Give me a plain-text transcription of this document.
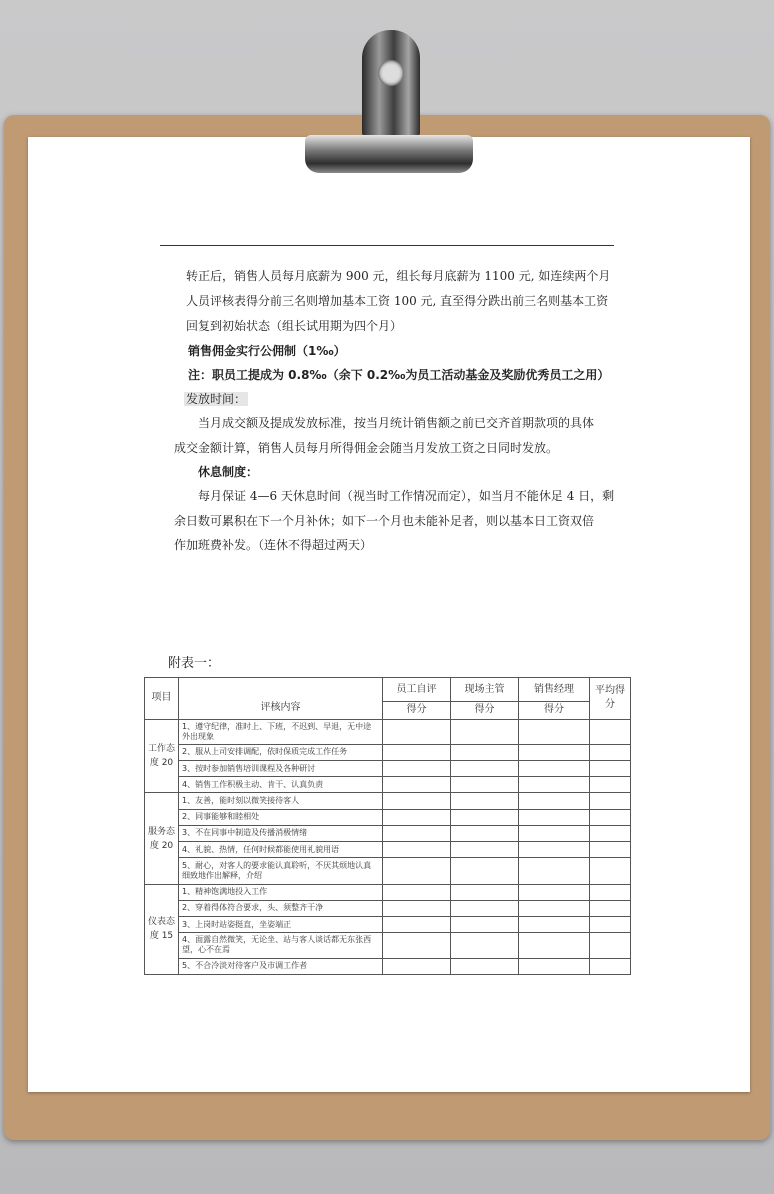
转正后，销售人员每月底薪为 900 元，组长每月底薪为 1100 元, 如连续两个月
人员评核表得分前三名则增加基本工资 100 元, 直至得分跌出前三名则基本工资
回复到初始状态（组长试用期为四个月）
销售佣金实行公佣制（1‰）
注：职员工提成为 0.8‰（余下 0.2‰为员工活动基金及奖励优秀员工之用）
发放时间：
当月成交额及提成发放标准，按当月统计销售额之前已交齐首期款项的具体
成交金额计算，销售人员每月所得佣金会随当月发放工资之日同时发放。
休息制度：
每月保证 4—6 天休息时间（视当时工作情况而定），如当月不能休足 4 日，剩
余日数可累积在下一个月补休；如下一个月也未能补足者，则以基本日工资双倍
作加班费补发。（连休不得超过两天）
附表一：
项目	评核内容	员工自评	现场主管	销售经理	平均得分
		得分	得分	得分	
工作态度 20	1、遵守纪律，准时上、下班，不迟到、早退，无中途外出现象				
	2、服从上司安排调配，依时保质完成工作任务				
	3、按时参加销售培训课程及各种研讨				
	4、销售工作积极主动、肯干、认真负责				
服务态度 20	1、友善，能时刻以微笑接待客人				
	2、同事能够和睦相处				
	3、不在同事中制造及传播消极情绪				
	4、礼貌、热情，任何时候都能使用礼貌用语				
	5、耐心，对客人的要求能认真聆听，不厌其烦地认真细致地作出解释，介绍				
仪表态度 15	1、精神饱满地投入工作				
	2、穿着得体符合要求，头、须整齐干净				
	3、上岗时站姿挺直，坐姿端正				
	4、面露自然微笑，无论坐、站与客人谈话都无东张西望，心不在焉				
	5、不合冷淡对待客户及市调工作者				
